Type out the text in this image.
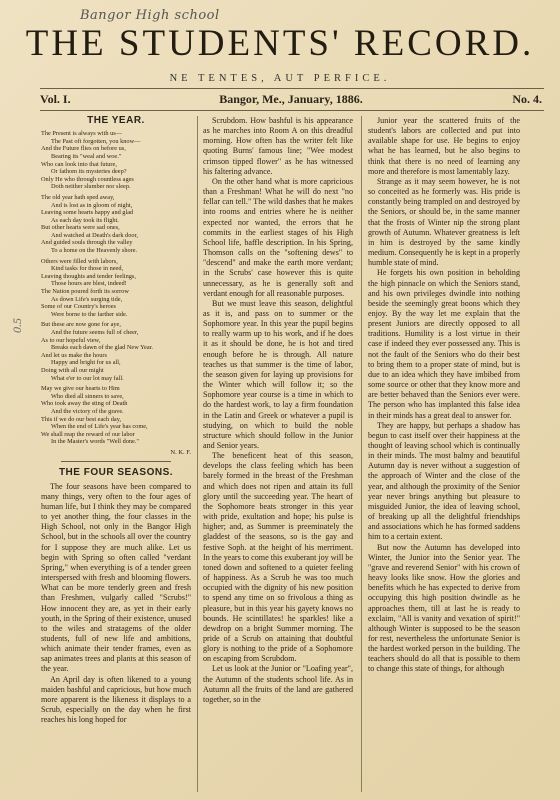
Bangor High school
THE STUDENTS' RECORD.
NE TENTES, AUT PERFICE.
Vol. I.	Bangor, Me., January, 1886.	No. 4.
0.5
THE YEAR.
The Present is always with us—
The Past oft forgotten, you know—
And the Future flies on before us,
Bearing its "weal and woe."
Who can look into that future,
Or fathom its mysteries deep?
Only He who through countless ages
Doth neither slumber nor sleep.
The old year hath sped away,
And is lost as in gloom of night,
Leaving some hearts happy and glad
As each day took its flight.
But other hearts were sad ones,
And watched at Death's dark door,
And guided souls through the valley
To a home on the Heavenly shore.
Others were filled with labors,
Kind tasks for those in need,
Leaving thoughts and tender feelings,
Those hours are blest, indeed!
The Nation poured forth its sorrow
As down Life's surging tide,
Some of our Country's heroes
Were borne to the farther side.
But these are now gone for aye,
And the future seems full of cheer,
As to our hopeful view,
Breaks each dawn of the glad New Year.
And let us make the hours
Happy and bright for us all,
Doing with all our might
What e'er to our lot may fall.
May we give our hearts to Him
Who died all sinners to save,
Who took away the sting of Death
And the victory of the grave.
This if we do our best each day,
When the end of Life's year has come,
We shall reap the reward of our labor
In the Master's words "Well done."
N. K. F.
THE FOUR SEASONS.

The four seasons have been compared to many things, very often to the four ages of human life, but I think they may be compared to yet another thing, the four classes in the High School, not only in the Bangor High School, but in the schools all over the country for I suppose they are much alike. Let us begin with Spring so often called "verdant Spring," when everything is of a tender green interspersed with fresh and blooming flowers. What can be more tenderly green and fresh than Freshmen, vulgarly called "Scrubs!" How innocent they are, as yet in their early youth, in the Spring of their existence, unused to the wiles and stratagems of the older students, full of new life and ambitions, which animate their tender frames, even as sap animates trees and plants at this season of the year.

An April day is often likened to a young maiden bashful and capricious, but how much more apparent is the likeness it displays to a Scrub, especially on the day when he first reaches his long hoped for

Scrubdom. How bashful is his appearance as he marches into Room A on this dreadful morning. How often has the writer felt like quoting Burns' famous line; "Wee modest crimson tipped flower" as he has witnessed his faltering advance.

On the other hand what is more capricious than a Freshman! What he will do next "no fellar can tell." The wild dashes that he makes into rooms and entries where he is neither expected nor wanted, the errors that he commits in the earliest stages of his High School life, baffle description. In his Spring, Thomson calls on the "softening dews" to "descend" and make the earth more verdant; in the Scrubs' case however this is quite unnecessary, as he is generally soft and verdant enough for all reasonable purposes.

But we must leave this season, delightful as it is, and pass on to summer or the Sophomore year. In this year the pupil begins to really warm up to his work, and if he does it as it should be done, he is hot and tired enough before he is through. All nature teaches us that summer is the time of labor, the season given for laying up provisions for the Winter which will follow it; so the Sophomore year course is a time in which to do the hardest work, to lay a firm foundation in the Latin and Greek or whatever a pupil is studying, on which to build the noble structure which should follow in the Junior and Senior years.

The beneficent heat of this season, develops the class feeling which has been barely formed in the breast of the Freshman and which does not ripen and attain its full glory until the succeeding year. The heart of the Sophomore beats stronger in this year with pride, exultation and hope; his pulse is higher; and, as Summer is preeminately the gladdest of the seasons, so is the gay and festive Soph. at the height of his merriment. In the years to come this exuberant joy will be toned down and softened to a quieter feeling of happiness. As a Scrub he was too much occupied with the dignity of his new position to spend any time on so frivolous a thing as pleasure, but in this year his gayety knows no bounds. He scintillates! he sparkles! like a dewdrop on a bright Summer morning. The pride of a Scrub on attaining that doubtful glory is nothing to the pride of a Sophomore on escaping from Scrubdom.

Let us look at the Junior or "Loafing year", the Autumn of the students school life. As in Autumn all the fruits of the land are gathered together, so in the

Junior year the scattered fruits of the student's labors are collected and put into available shape for use. He begins to enjoy what he has learned, but he also begins to think that there is no need of learning any more and therefore is most lamentably lazy.

Strange as it may seem however, he is not so conceited as he formerly was. His pride is constantly being trampled on and destroyed by the Seniors, or should be, in the same manner that the frosts of Winter nip the strong plant growth of Autumn. Whatever greatness is left in him is destroyed by the same kindly medium. Consequently he is kept in a properly humble state of mind.

He forgets his own position in beholding the high pinnacle on which the Seniors stand, and his own privileges dwindle into nothing beside the seemingly great boons which they enjoy. By the way let me explain that the present Juniors are directly opposed to all traditions. Humility is a lost virtue in their case if indeed they ever possessed any. This is not the fault of the Seniors who do their best to bring them to a proper state of mind, but is due to an idea which they have imbibed from some source or other that they know more and are better behaved than the Seniors ever were. The person who has implanted this false idea in their minds has a great deal to answer for.

They are happy, but perhaps a shadow has begun to cast itself over their happiness at the thought of leaving school which is continually in their minds. The most balmy and beautiful Autumn day is never without a suggestion of the approach of Winter and the close of the year, and although the proximity of the Senior year never brings anything but pleasure to misguided Junior, the idea of leaving school, of breaking up all the delightful friendships and associations which he has formed saddens him to a certain extent.

But now the Autumn has developed into Winter, the Junior into the Senior year. The "grave and reverend Senior" with his crown of heavy looks like snow. How the glories and benefits which he has expected to derive from occupying this high position dwindle as he approaches them, till at last he is ready to exclaim, "All is vanity and vexation of spirit!" although Winter is supposed to be the season for rest, nevertheless the unfortunate Senior is the hardest worked person in the building. The teachers should do all that is possible to them to change this state of things, for although
